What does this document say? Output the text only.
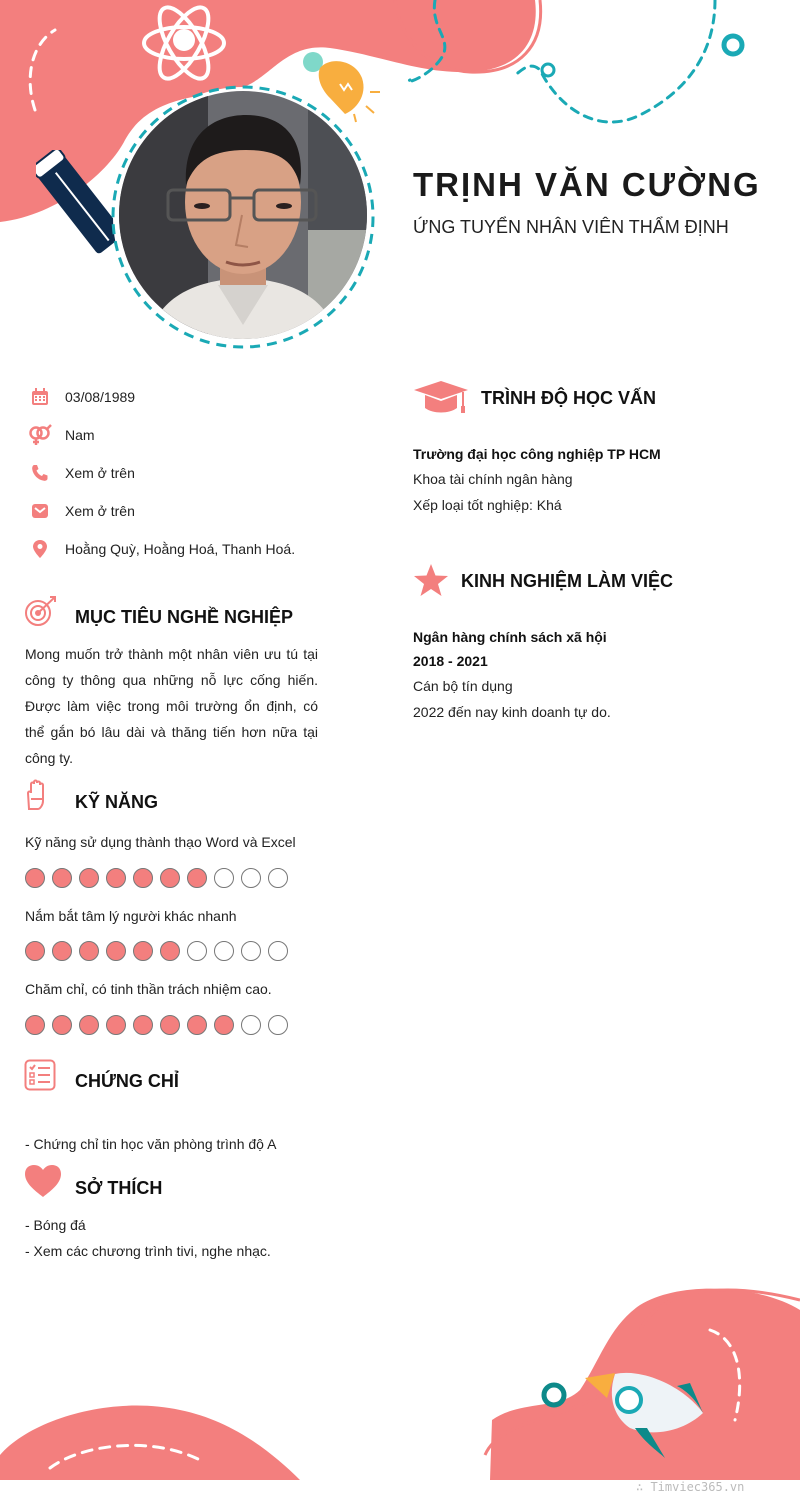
TRỊNH VĂN CƯỜNG
ỨNG TUYỂN NHÂN VIÊN THẨM ĐỊNH
03/08/1989
Nam
Xem ở trên
Xem ở trên
Hoằng Quỳ, Hoằng Hoá, Thanh Hoá.
MỤC TIÊU NGHỀ NGHIỆP
Mong muốn trở thành một nhân viên ưu tú tại công ty thông qua những nỗ lực cống hiến. Được làm việc trong môi trường ổn định, có thể gắn bó lâu dài và thăng tiến hơn nữa tại công ty.
KỸ NĂNG
Kỹ năng sử dụng thành thạo Word và Excel
Nắm bắt tâm lý người khác nhanh
Chăm chỉ, có tinh thần trách nhiệm cao.
CHỨNG CHỈ
- Chứng chỉ tin học văn phòng trình độ A
SỞ THÍCH
- Bóng đá
- Xem các chương trình tivi, nghe nhạc.
TRÌNH ĐỘ HỌC VẤN
Trường đại học công nghiệp TP HCM
Khoa tài chính ngân hàng
Xếp loại tốt nghiệp: Khá
KINH NGHIỆM LÀM VIỆC
Ngân hàng chính sách xã hội
2018 - 2021
Cán bộ tín dụng
2022 đến nay kinh doanh tự do.
∴ Timviec365.vn
